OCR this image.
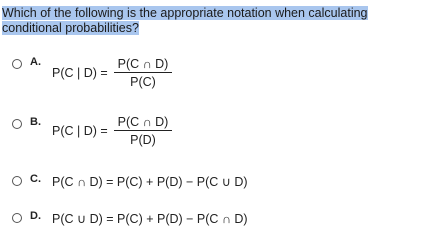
Which of the following is the appropriate notation when calculating conditional probabilities?
A.
P(C | D) =
P(C ∩ D)
P(C)
B.
P(C | D) =
P(C ∩ D)
P(D)
C. P(C ∩ D) = P(C) + P(D) − P(C ∪ D)
D. P(C ∪ D) = P(C) + P(D) − P(C ∩ D)
